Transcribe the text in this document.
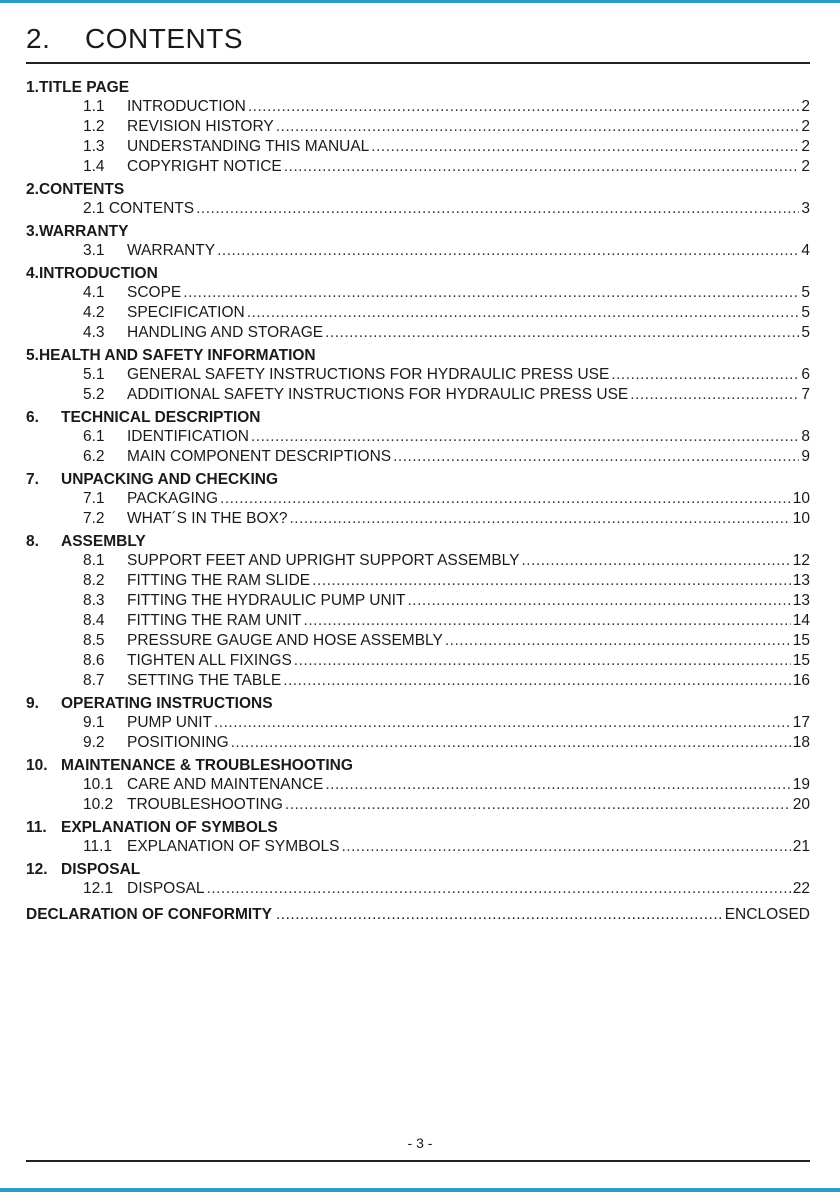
2. CONTENTS
1. TITLE PAGE
1.1	INTRODUCTION .....	2
1.2	REVISION HISTORY .....	2
1.3	UNDERSTANDING THIS MANUAL .....	2
1.4	COPYRIGHT NOTICE .....	2
2. CONTENTS
2.1 CONTENTS .....	3
3. WARRANTY
3.1	WARRANTY .....	4
4. INTRODUCTION
4.1	SCOPE .....	5
4.2	SPECIFICATION .....	5
4.3	HANDLING AND STORAGE .....	5
5. HEALTH AND SAFETY INFORMATION
5.1	GENERAL SAFETY INSTRUCTIONS FOR HYDRAULIC PRESS USE .....	6
5.2	ADDITIONAL SAFETY INSTRUCTIONS FOR HYDRAULIC PRESS USE .....	7
6.	TECHNICAL DESCRIPTION
6.1	IDENTIFICATION .....	8
6.2	MAIN COMPONENT DESCRIPTIONS .....	9
7.	UNPACKING AND CHECKING
7.1	PACKAGING .....	10
7.2	WHAT´S IN THE BOX? .....	10
8.	ASSEMBLY
8.1	SUPPORT FEET AND UPRIGHT SUPPORT ASSEMBLY .....	12
8.2	FITTING THE RAM SLIDE .....	13
8.3	FITTING THE HYDRAULIC PUMP UNIT .....	13
8.4	FITTING THE RAM UNIT .....	14
8.5	PRESSURE GAUGE AND HOSE ASSEMBLY .....	15
8.6	TIGHTEN ALL FIXINGS .....	15
8.7	SETTING THE TABLE .....	16
9.	OPERATING INSTRUCTIONS
9.1	PUMP UNIT .....	17
9.2	POSITIONING .....	18
10. MAINTENANCE & TROUBLESHOOTING
10.1 CARE AND MAINTENANCE .....	19
10.2 TROUBLESHOOTING .....	20
11. EXPLANATION OF SYMBOLS
11.1 EXPLANATION OF SYMBOLS .....	21
12. DISPOSAL
12.1 DISPOSAL .....	22
DECLARATION OF CONFORMITY .....	ENCLOSED
- 3 -
